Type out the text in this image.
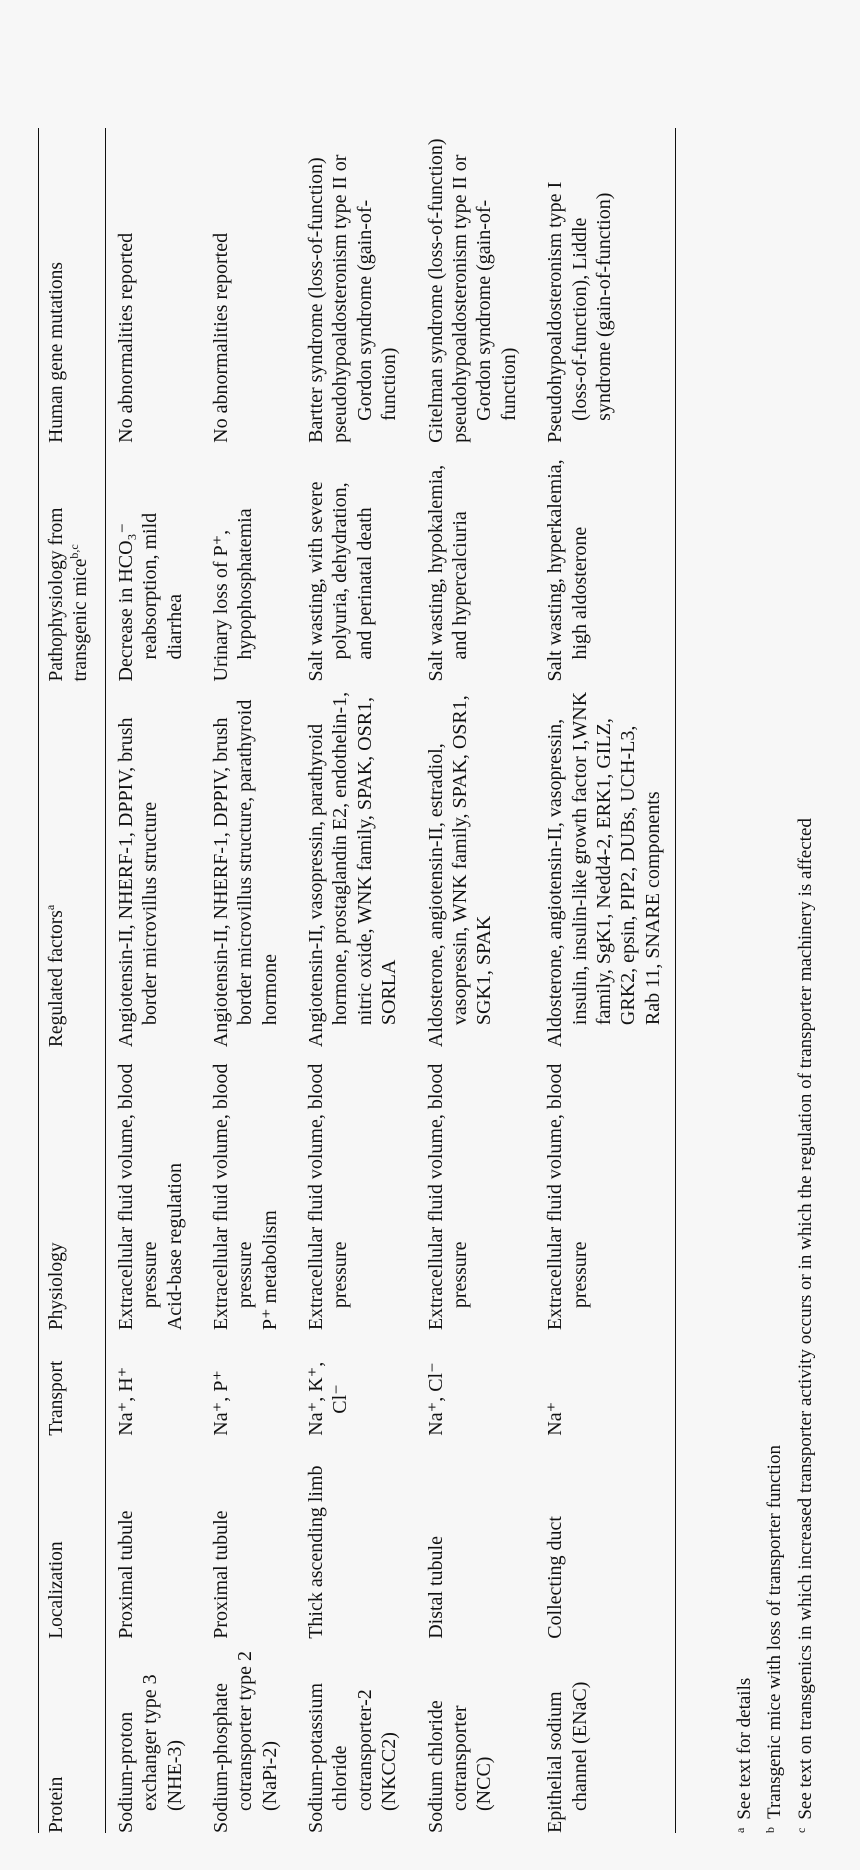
Protein	Localization	Transport	Physiology	Regulated factors$^a$	Pathophysiology from transgenic mice$^{b,c}$	Human gene mutations

Sodium-proton exchanger type 3 (NHE-3)	Proximal tubule	Na⁺, H⁺	Extracellular fluid volume, blood pressure Acid-base regulation	Angiotensin-II, NHERF-1, DPPIV, brush border microvillus structure	Decrease in HCO₃⁻ reabsorption, mild diarrhea	No abnormalities reported

Sodium-phosphate cotransporter type 2 (NaPi-2)	Proximal tubule	Na⁺, P⁺	Extracellular fluid volume, blood pressure P⁺ metabolism	Angiotensin-II, NHERF-1, DPPIV, brush border microvillus structure, parathyroid hormone	Urinary loss of P⁺, hypophosphatemia	No abnormalities reported

Sodium-potassium chloride cotransporter-2 (NKCC2)	Thick ascending limb	Na⁺, K⁺, Cl⁻	Extracellular fluid volume, blood pressure	Angiotensin-II, vasopressin, parathyroid hormone, prostaglandin E2, endothelin-1, nitric oxide, WNK family, SPAK, OSR1, SORLA	Salt wasting, with severe polyuria, dehydration, and perinatal death	Bartter syndrome (loss-of-function) pseudohypoaldosteronism type II or Gordon syndrome (gain-of-function)

Sodium chloride cotransporter (NCC)	Distal tubule	Na⁺, Cl⁻	Extracellular fluid volume, blood pressure	Aldosterone, angiotensin-II, estradiol, vasopressin, WNK family, SPAK, OSR1, SGK1, SPAK	Salt wasting, hypokalemia, and hypercalciuria	Gitelman syndrome (loss-of-function) pseudohypoaldosteronism type II or Gordon syndrome (gain-of-function)

Epithelial sodium channel (ENaC)	Collecting duct	Na⁺	Extracellular fluid volume, blood pressure	Aldosterone, angiotensin-II, vasopressin, insulin, insulin-like growth factor I,WNK family, SgK1, Nedd4-2, ERK1, GILZ, GRK2, epsin, PIP2, DUBs, UCH-L3, Rab 11, SNARE components	Salt wasting, hyperkalemia, high aldosterone	Pseudohypoaldosteronism type I (loss-of-function), Liddle syndrome (gain-of-function)
$^a$See text for details
$^b$Transgenic mice with loss of transporter function
$^c$See text on transgenics in which increased transporter activity occurs or in which the regulation of transporter machinery is affected
